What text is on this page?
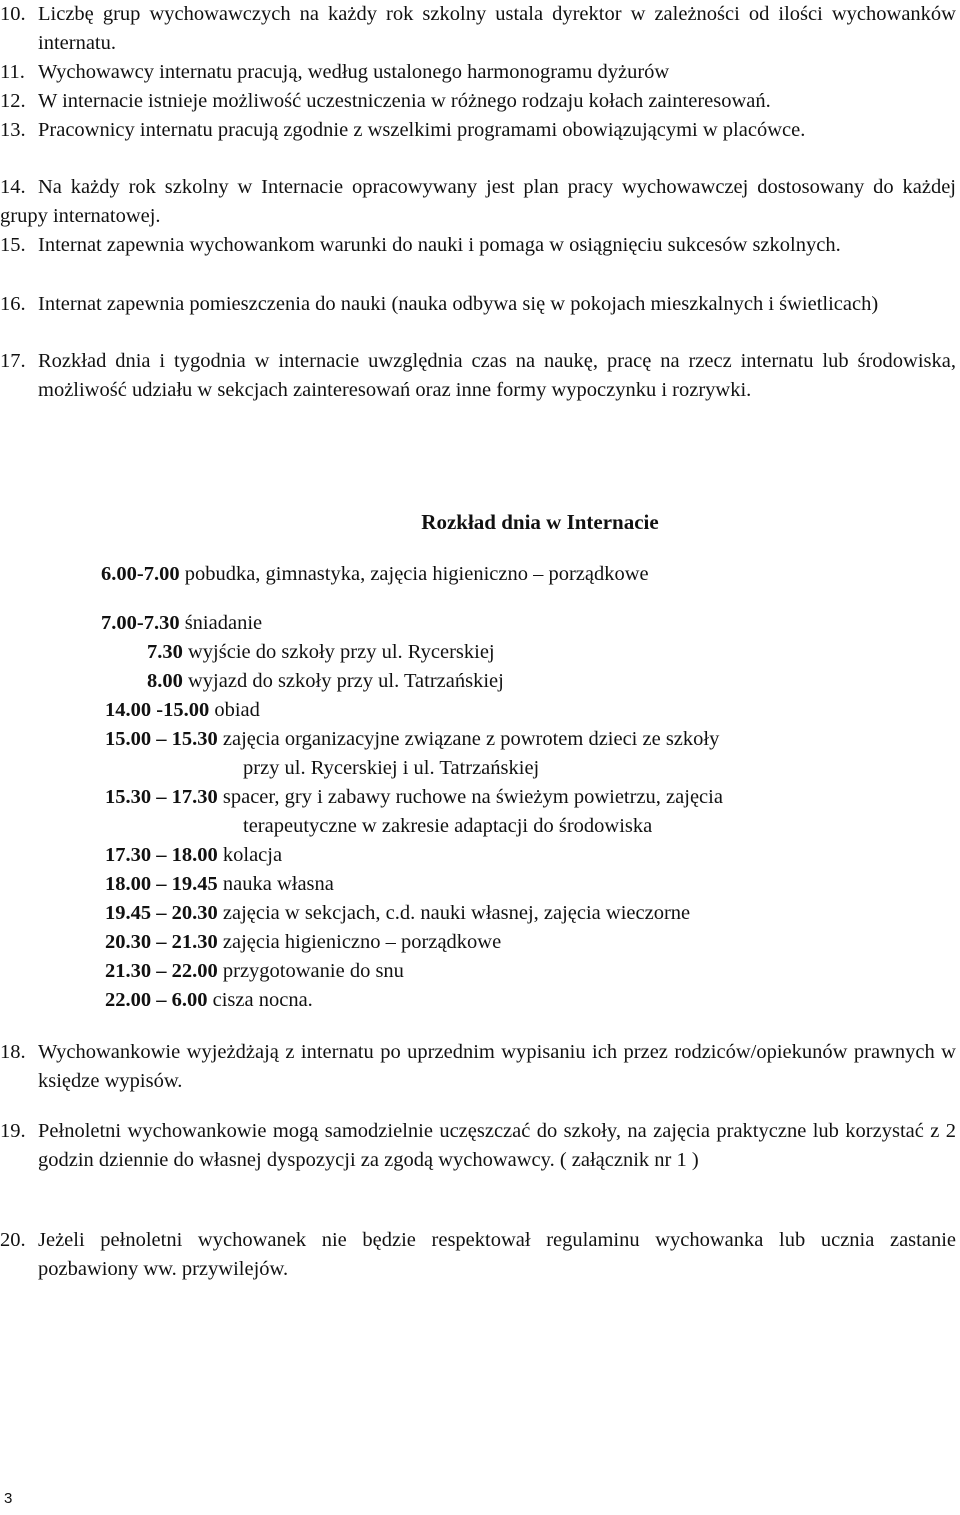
10. Liczbę grup wychowawczych na każdy rok szkolny ustala dyrektor w zależności od ilości wychowanków internatu.
11. Wychowawcy internatu pracują, według ustalonego harmonogramu dyżurów
12. W internacie istnieje możliwość uczestniczenia w różnego rodzaju kołach zainteresowań.
13. Pracownicy internatu pracują zgodnie z wszelkimi programami obowiązującymi w placówce.
14. Na każdy rok szkolny w Internacie opracowywany jest plan pracy wychowawczej dostosowany do każdej grupy internatowej.
15. Internat zapewnia wychowankom warunki do nauki i pomaga w osiągnięciu sukcesów szkolnych.
16. Internat zapewnia pomieszczenia do nauki (nauka odbywa się w pokojach mieszkalnych i świetlicach)
17. Rozkład dnia i tygodnia w internacie uwzględnia czas na naukę, pracę na rzecz internatu lub środowiska, możliwość udziału w sekcjach zainteresowań oraz inne formy wypoczynku i rozrywki.
Rozkład dnia w Internacie
6.00-7.00 pobudka, gimnastyka, zajęcia higieniczno – porządkowe
7.00-7.30 śniadanie
7.30 wyjście do szkoły przy ul. Rycerskiej
8.00 wyjazd do szkoły przy ul. Tatrzańskiej
14.00 -15.00 obiad
15.00 – 15.30 zajęcia organizacyjne związane z powrotem dzieci ze szkoły
przy ul. Rycerskiej i ul. Tatrzańskiej
15.30 – 17.30 spacer, gry i zabawy ruchowe na świeżym powietrzu, zajęcia
terapeutyczne w zakresie adaptacji do środowiska
17.30 – 18.00 kolacja
18.00 – 19.45 nauka własna
19.45 – 20.30 zajęcia w sekcjach, c.d. nauki własnej, zajęcia wieczorne
20.30 – 21.30 zajęcia higieniczno – porządkowe
21.30 – 22.00 przygotowanie do snu
22.00 – 6.00 cisza nocna.
18. Wychowankowie wyjeżdżają z internatu po uprzednim wypisaniu ich przez rodziców/opiekunów prawnych w księdze wypisów.
19. Pełnoletni wychowankowie mogą samodzielnie uczęszczać do szkoły, na zajęcia praktyczne lub korzystać z 2 godzin dziennie do własnej dyspozycji za zgodą wychowawcy. ( załącznik nr 1 )
20. Jeżeli pełnoletni wychowanek nie będzie respektował regulaminu wychowanka lub ucznia zastanie pozbawiony ww. przywilejów.
3
